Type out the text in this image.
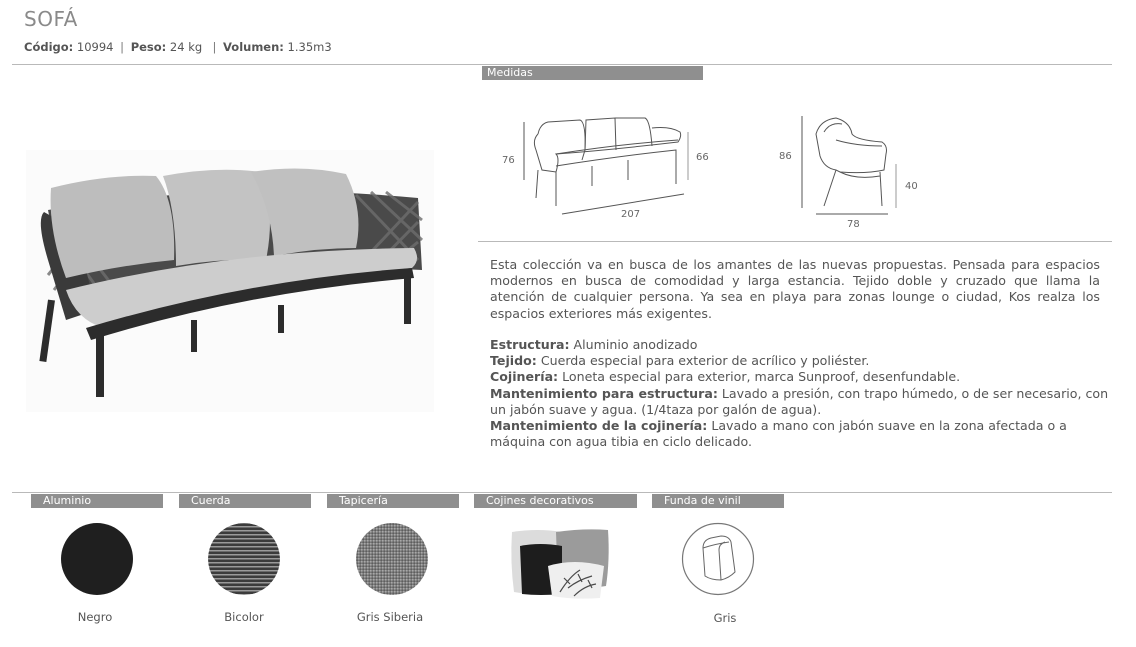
SOFÁ
Código: 10994 | Peso: 24 kg  | Volumen: 1.35m3
Medidas
76	66
207
86
40
78
Esta colección va en busca de los amantes de las nuevas propuestas. Pensada para espacios modernos en busca de comodidad y larga estancia. Tejido doble y cruzado que llama la atención de cualquier persona. Ya sea en playa para zonas lounge o ciudad, Kos realza los espacios exteriores más exigentes.
Estructura: Aluminio anodizado
Tejido: Cuerda especial para exterior de acrílico y poliéster.
Cojinería: Loneta especial para exterior, marca Sunproof, desenfundable.
Mantenimiento para estructura: Lavado a presión, con trapo húmedo, o de ser necesario, con un jabón suave y agua. (1/4taza por galón de agua).
Mantenimiento de la cojinería: Lavado a mano con jabón suave en la zona afectada o a máquina con agua tibia en ciclo delicado.
Aluminio	Cuerda	Tapicería	Cojines decorativos	Funda de vinil
Negro	Bicolor	Gris Siberia	Gris
